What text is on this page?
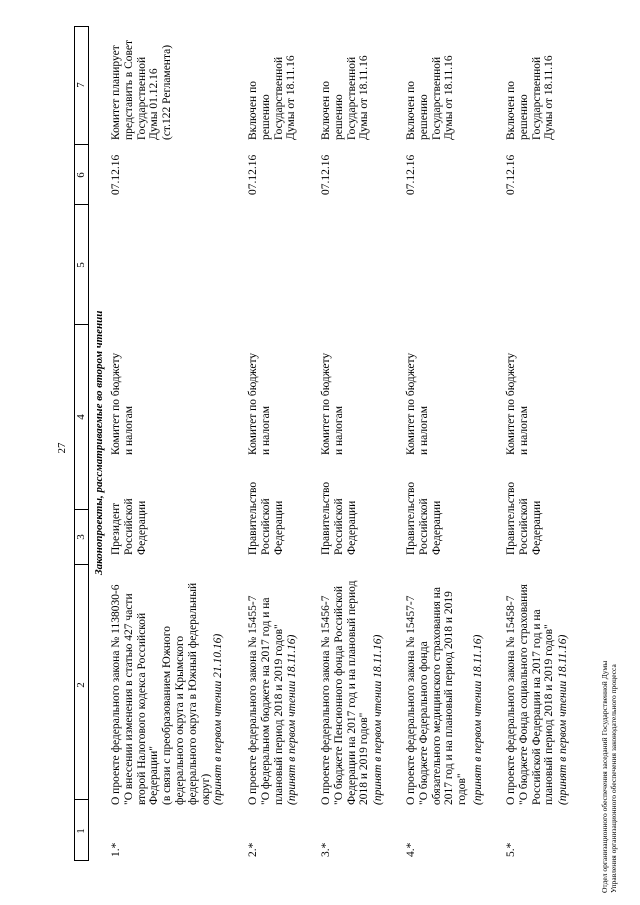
27
1
2
3
4
5
6
7
Законопроекты, рассматриваемые во втором чтении
1.*
О проекте федерального закона № 1138030-6
"О внесении изменения в статью 427 части
второй Налогового кодекса Российской
Федерации"
(в связи с преобразованием Южного
федерального округа и Крымского
федерального округа в Южный федеральный
округ) (принят в первом чтении 21.10.16)
Президент
Российской
Федерации
Комитет по бюджету
и налогам
07.12.16
Комитет планирует
представить в Совет
Государственной
Думы 01.12.16
(ст.122 Регламента)
2.*
О проекте федерального закона № 15455-7
"О федеральном бюджете на 2017 год и на
плановый период 2018 и 2019 годов" (принят в первом чтении 18.11.16)
Правительство
Российской
Федерации
Комитет по бюджету
и налогам
07.12.16
Включен по
решению
Государственной
Думы от 18.11.16
3.*
О проекте федерального закона № 15456-7
"О бюджете Пенсионного фонда Российской
Федерации на 2017 год и на плановый период
2018 и 2019 годов" (принят в первом чтении 18.11.16)
Правительство
Российской
Федерации
Комитет по бюджету
и налогам
07.12.16
Включен по
решению
Государственной
Думы от 18.11.16
4.*
О проекте федерального закона № 15457-7
"О бюджете Федерального фонда
обязательного медицинского страхования на
2017 год и на плановый период 2018 и 2019
годов" (принят в первом чтении 18.11.16)
Правительство
Российской
Федерации
Комитет по бюджету
и налогам
07.12.16
Включен по
решению
Государственной
Думы от 18.11.16
5.*
О проекте федерального закона № 15458-7
"О бюджете Фонда социального страхования
Российской Федерации на 2017 год и на
плановый период 2018 и 2019 годов" (принят в первом чтении 18.11.16)
Правительство
Российской
Федерации
Комитет по бюджету
и налогам
07.12.16
Включен по
решению
Государственной
Думы от 18.11.16
Отдел организационного обеспечения заседаний Государственной Думы Управления организационного обеспечения законодательного процесса
